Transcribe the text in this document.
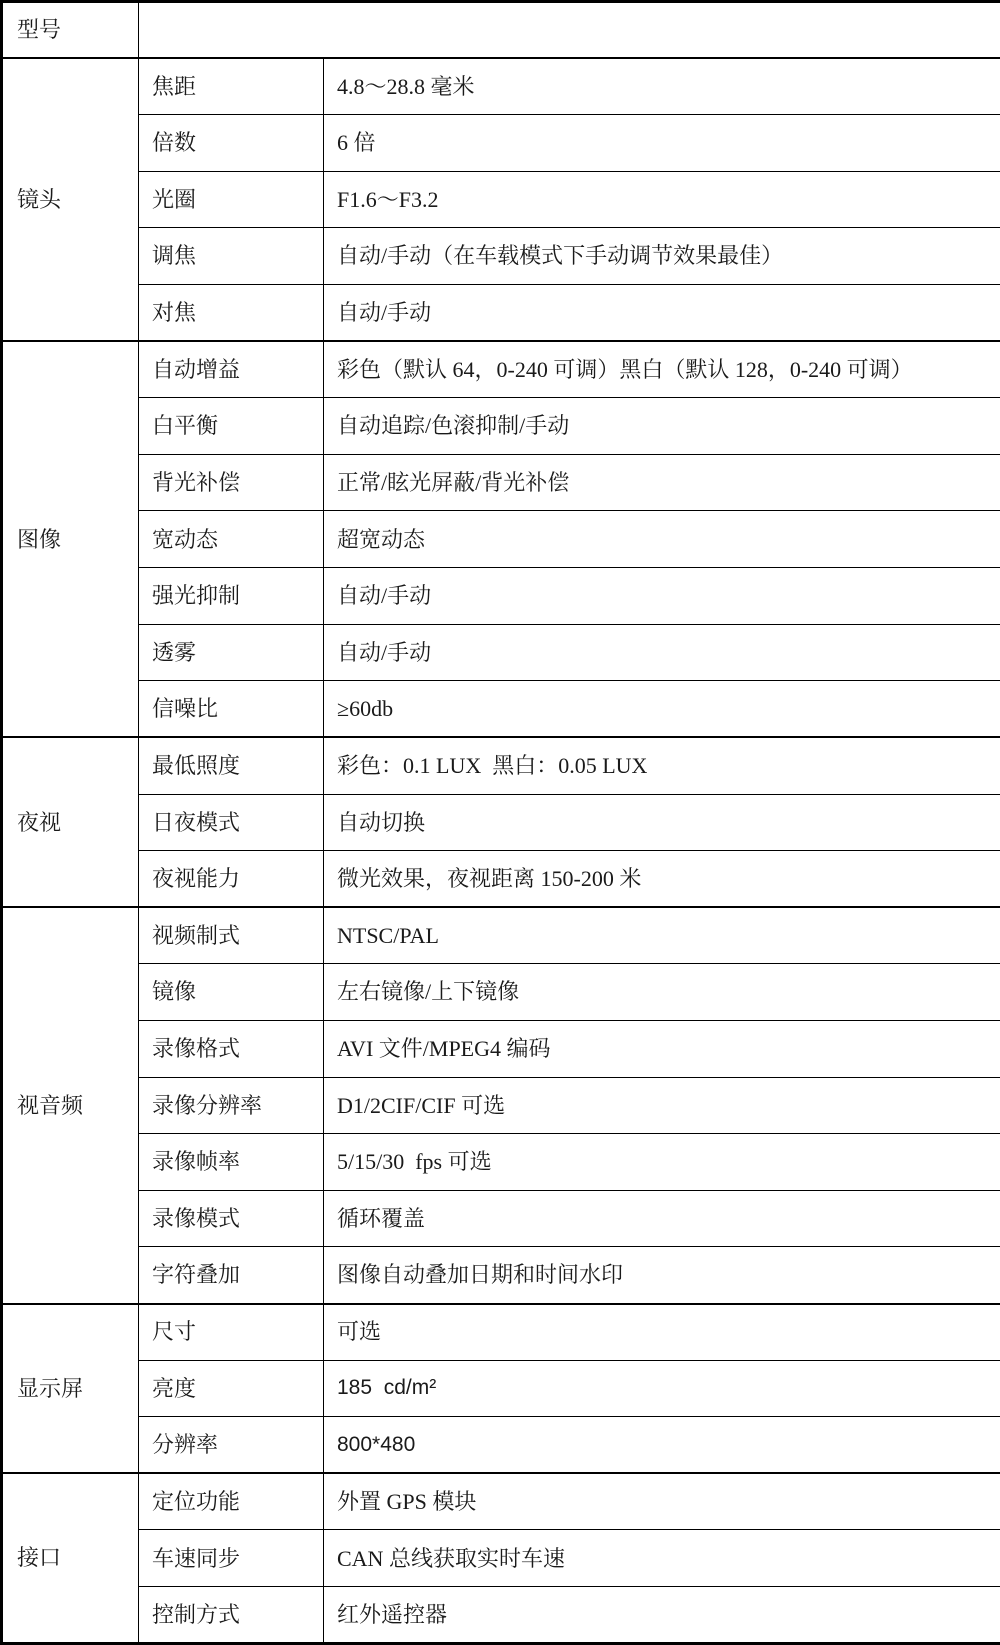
型号		
镜头	焦距	4.8～28.8 毫米
	倍数	6 倍
	光圈	F1.6～F3.2
	调焦	自动/手动（在车载模式下手动调节效果最佳）
	对焦	自动/手动
图像	自动增益	彩色（默认 64，0-240 可调）黑白（默认 128，0-240 可调）
	白平衡	自动追踪/色滚抑制/手动
	背光补偿	正常/眩光屏蔽/背光补偿
	宽动态	超宽动态
	强光抑制	自动/手动
	透雾	自动/手动
	信噪比	≥60db
夜视	最低照度	彩色：0.1 LUX  黑白：0.05 LUX
	日夜模式	自动切换
	夜视能力	微光效果，夜视距离 150-200 米
视音频	视频制式	NTSC/PAL
	镜像	左右镜像/上下镜像
	录像格式	AVI 文件/MPEG4 编码
	录像分辨率	D1/2CIF/CIF 可选
	录像帧率	5/15/30  fps 可选
	录像模式	循环覆盖
	字符叠加	图像自动叠加日期和时间水印
显示屏	尺寸	可选
	亮度	185  cd/m²
	分辨率	800*480
接口	定位功能	外置 GPS 模块
	车速同步	CAN 总线获取实时车速
	控制方式	红外遥控器
